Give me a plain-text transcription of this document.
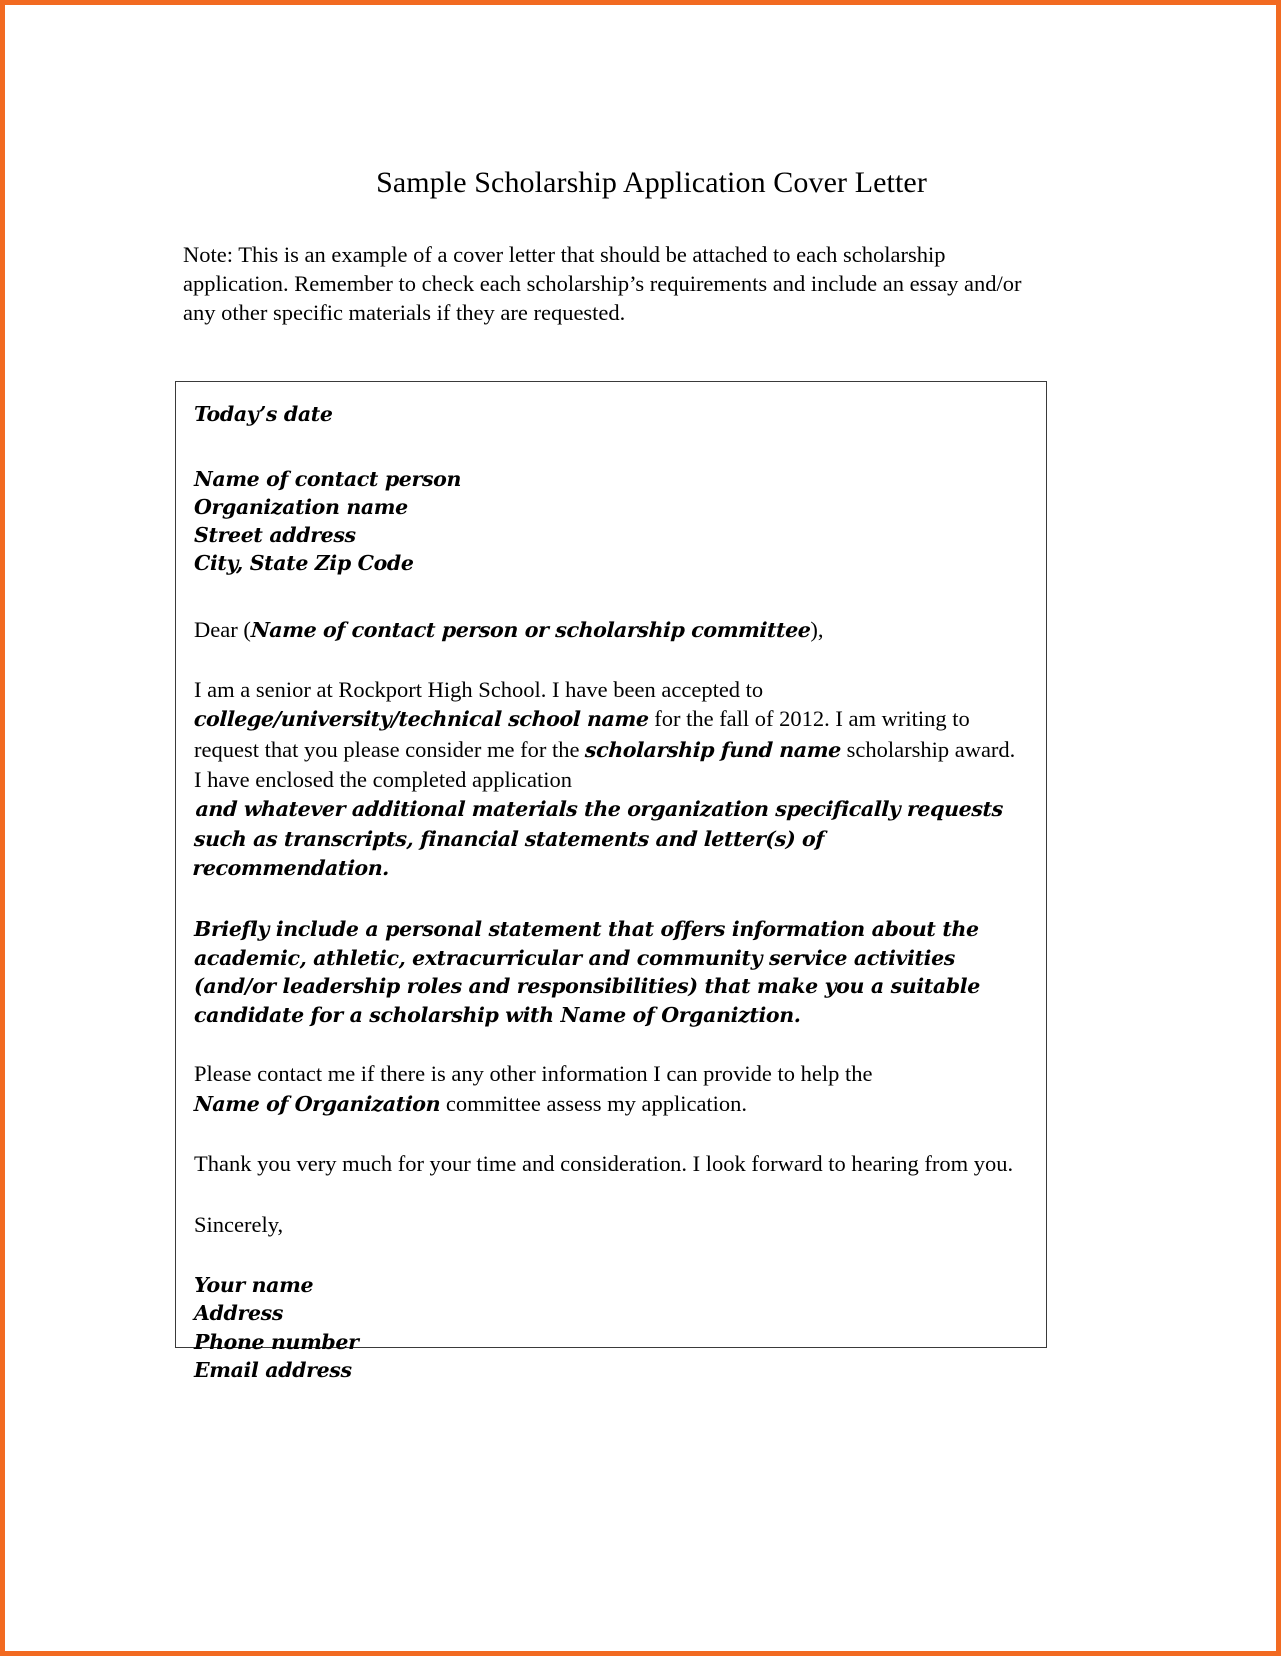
Sample Scholarship Application Cover Letter

Note: This is an example of a cover letter that should be attached to each scholarship application. Remember to check each scholarship’s requirements and include an essay and/or any other specific materials if they are requested.

Today’s date
Name of contact person
Organization name
Street address
City, State Zip Code
Dear (Name of contact person or scholarship committee),
I am a senior at Rockport High School. I have been accepted to college/university/technical school name for the fall of 2012. I am writing to request that you please consider me for the scholarship fund name scholarship award. I have enclosed the completed application and whatever additional materials the organization specifically requests such as transcripts, financial statements and letter(s) of recommendation.
Briefly include a personal statement that offers information about the academic, athletic, extracurricular and community service activities (and/or leadership roles and responsibilities) that make you a suitable candidate for a scholarship with Name of Organiztion.
Please contact me if there is any other information I can provide to help the Name of Organization committee assess my application.
Thank you very much for your time and consideration. I look forward to hearing from you.
Sincerely,
Your name
Address
Phone number
Email address
